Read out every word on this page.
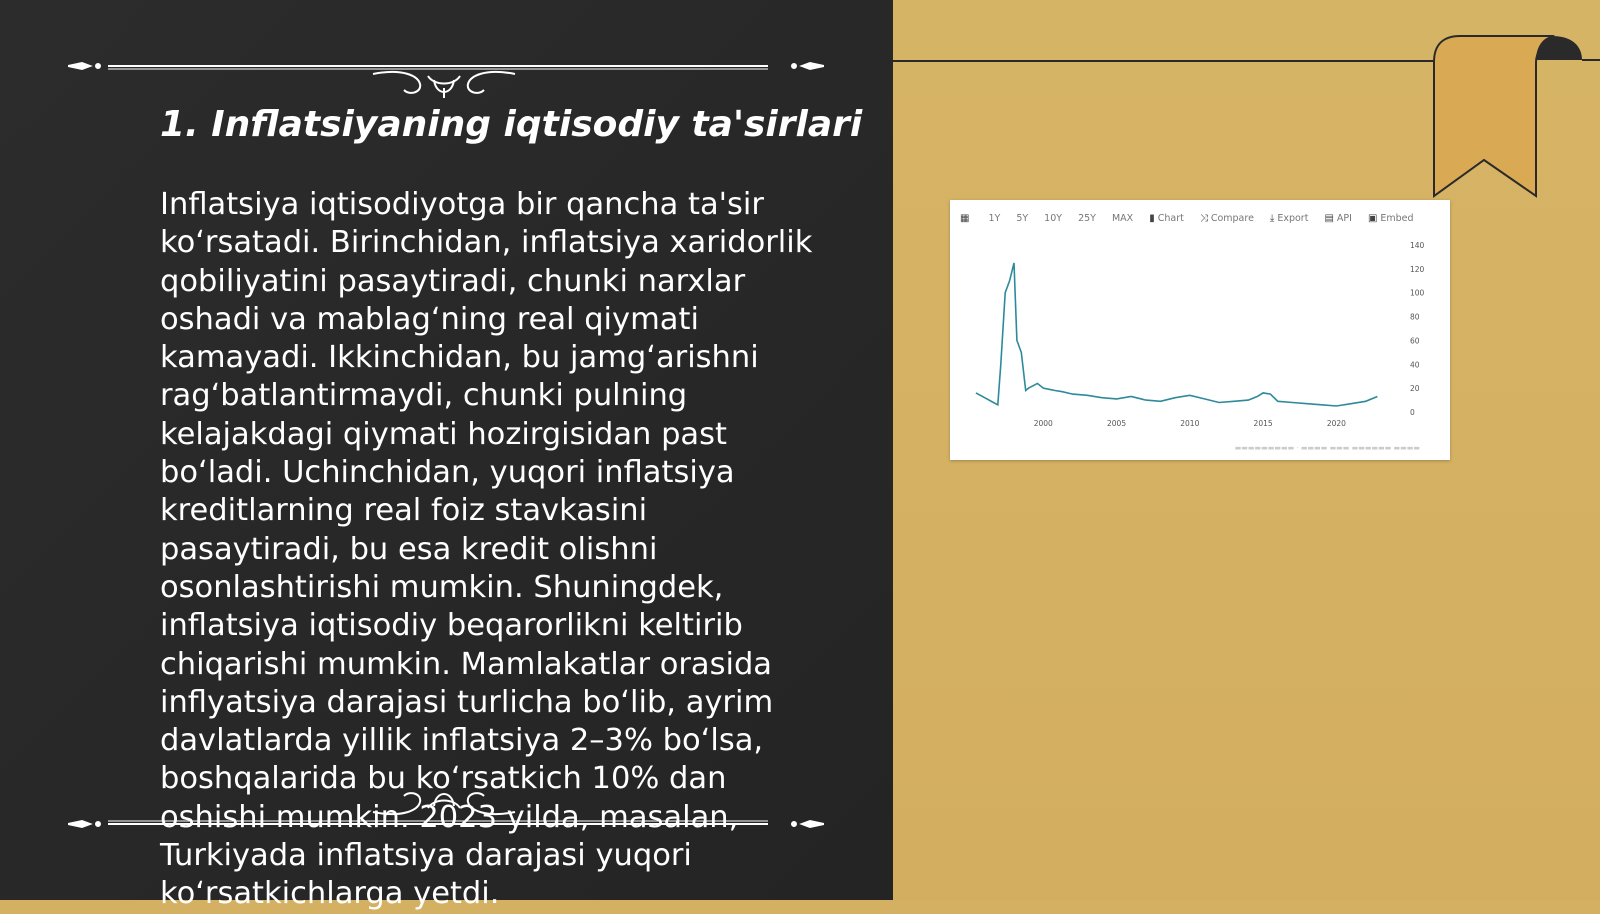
1. Inflatsiyaning iqtisodiy ta'sirlari

Inflatsiya iqtisodiyotga bir qancha ta'sir koʻrsatadi. Birinchidan, inflatsiya xaridorlik qobiliyatini pasaytiradi, chunki narxlar oshadi va mablagʻning real qiymati kamayadi. Ikkinchidan, bu jamgʻarishni ragʻbatlantirmaydi, chunki pulning kelajakdagi qiymati hozirgisidan past boʻladi. Uchinchidan, yuqori inflatsiya kreditlarning real foiz stavkasini pasaytiradi, bu esa kredit olishni osonlashtirishi mumkin. Shuningdek, inflatsiya iqtisodiy beqarorlikni keltirib chiqarishi mumkin. Mamlakatlar orasida inflyatsiya darajasi turlicha boʻlib, ayrim davlatlarda yillik inflatsiya 2–3% boʻlsa, boshqalarida bu koʻrsatkich 10% dan oshishi mumkin. 2023 yilda, masalan, Turkiyada inflatsiya darajasi yuqori koʻrsatkichlarga yetdi.

▦ 1Y 5Y 10Y 25Y MAX ▮ Chart ⤨ Compare ⤓ Export ▤ API ▣ Embed
0
20
40
60
80
100
120
140
2000	2005	2010	2015	2020
▬▬▬▬▬▬▬▬▬ · ▬▬▬▬ ▬▬▬ ▬▬▬▬▬▬ ▬▬▬▬
